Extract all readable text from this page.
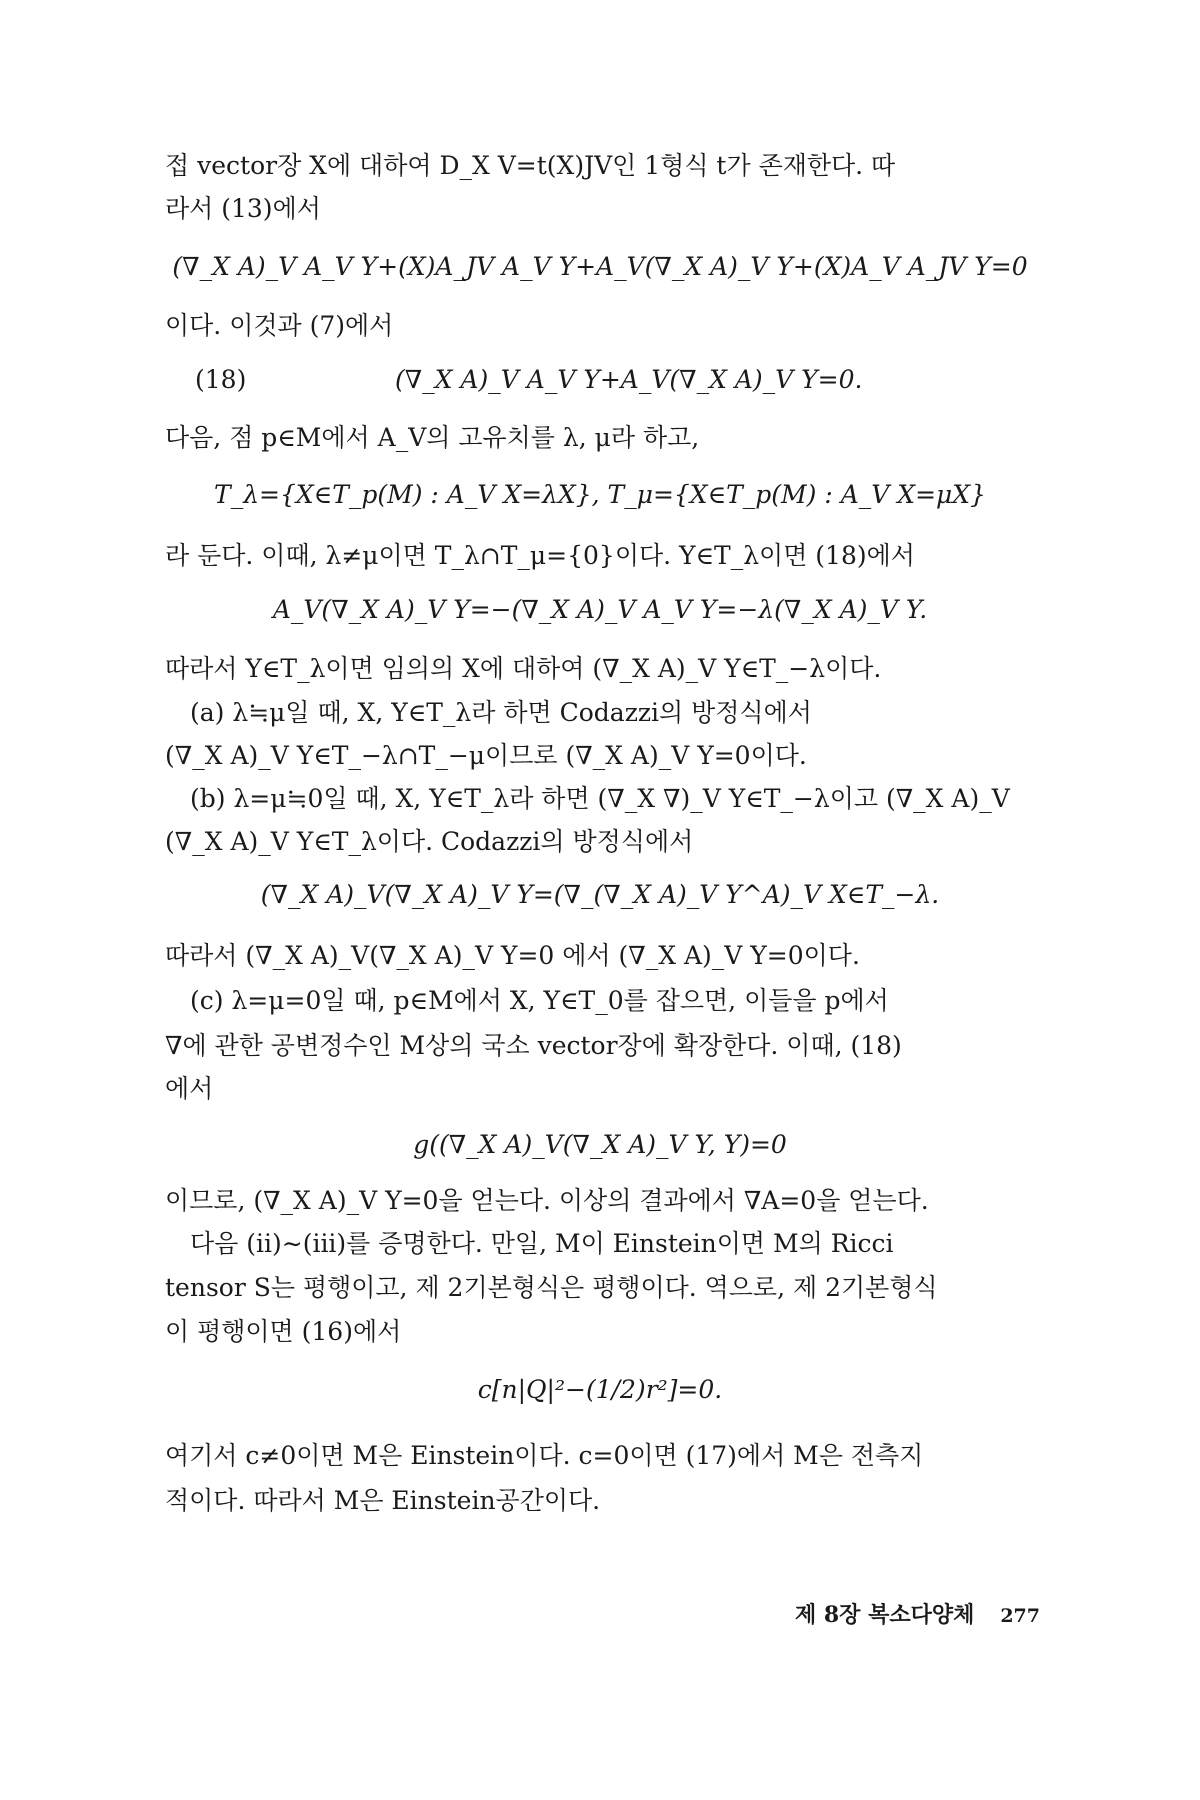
접 vector장 X에 대하여 D_X V=t(X)JV인 1형식 t가 존재한다. 따
라서 (13)에서
(∇_X A)_V A_V Y+(X)A_JV A_V Y+A_V(∇_X A)_V Y+(X)A_V A_JV Y=0
이다. 이것과 (7)에서
(18)	(∇_X A)_V A_V Y+A_V(∇_X A)_V Y=0.
다음, 점 p∈M에서 A_V의 고유치를 λ, μ라 하고,
T_λ={X∈T_p(M) : A_V X=λX}, T_μ={X∈T_p(M) : A_V X=μX}
라 둔다. 이때, λ≠μ이면 T_λ∩T_μ={0}이다. Y∈T_λ이면 (18)에서
A_V(∇_X A)_V Y=−(∇_X A)_V A_V Y=−λ(∇_X A)_V Y.
따라서 Y∈T_λ이면 임의의 X에 대하여 (∇_X A)_V Y∈T_−λ이다.
(a) λ≒μ일 때, X, Y∈T_λ라 하면 Codazzi의 방정식에서
(∇_X A)_V Y∈T_−λ∩T_−μ이므로 (∇_X A)_V Y=0이다.
(b) λ=μ≒0일 때, X, Y∈T_λ라 하면 (∇_X ∇)_V Y∈T_−λ이고 (∇_X A)_V
(∇_X A)_V Y∈T_λ이다. Codazzi의 방정식에서
(∇_X A)_V(∇_X A)_V Y=(∇_(∇_X A)_V Y^A)_V X∈T_−λ.
따라서 (∇_X A)_V(∇_X A)_V Y=0 에서 (∇_X A)_V Y=0이다.
(c) λ=μ=0일 때, p∈M에서 X, Y∈T_0를 잡으면, 이들을 p에서
∇에 관한 공변정수인 M상의 국소 vector장에 확장한다. 이때, (18)
에서
g((∇_X A)_V(∇_X A)_V Y, Y)=0
이므로, (∇_X A)_V Y=0을 얻는다. 이상의 결과에서 ∇A=0을 얻는다.
다음 (ii)∼(iii)를 증명한다. 만일, M이 Einstein이면 M의 Ricci
tensor S는 평행이고, 제 2기본형식은 평행이다. 역으로, 제 2기본형식
이 평행이면 (16)에서
c[n|Q|²−(1/2)r²]=0.
여기서 c≠0이면 M은 Einstein이다. c=0이면 (17)에서 M은 전측지
적이다. 따라서 M은 Einstein공간이다.
제 8장 복소다양체 277
